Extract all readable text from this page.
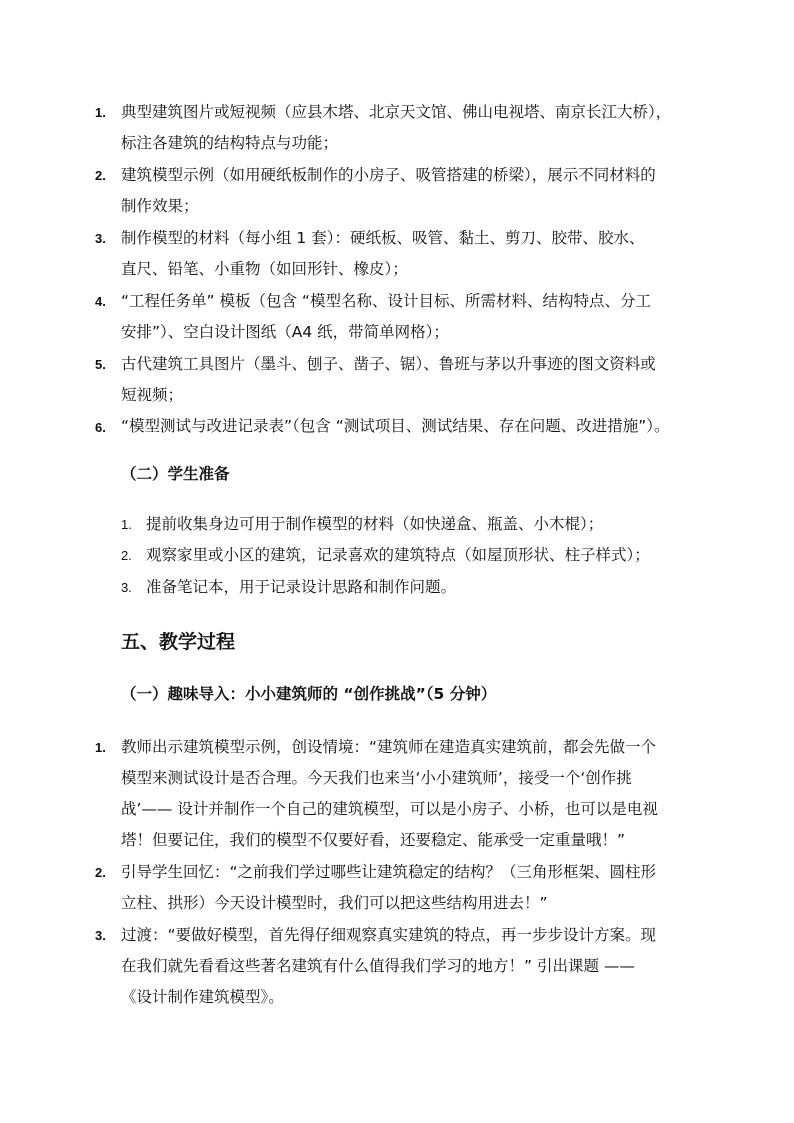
1. 典型建筑图片或短视频（应县木塔、北京天文馆、佛山电视塔、南京长江大桥），
标注各建筑的结构特点与功能；
2. 建筑模型示例（如用硬纸板制作的小房子、吸管搭建的桥梁），展示不同材料的
制作效果；
3. 制作模型的材料（每小组 1 套）：硬纸板、吸管、黏土、剪刀、胶带、胶水、
直尺、铅笔、小重物（如回形针、橡皮）；
4. “工程任务单” 模板（包含 “模型名称、设计目标、所需材料、结构特点、分工
安排”）、空白设计图纸（A4 纸，带简单网格）；
5. 古代建筑工具图片（墨斗、刨子、凿子、锯）、鲁班与茅以升事迹的图文资料或
短视频；
6. “模型测试与改进记录表”（包含 “测试项目、测试结果、存在问题、改进措施”）。
（二）学生准备
1. 提前收集身边可用于制作模型的材料（如快递盒、瓶盖、小木棍）；
2. 观察家里或小区的建筑，记录喜欢的建筑特点（如屋顶形状、柱子样式）；
3. 准备笔记本，用于记录设计思路和制作问题。
五、教学过程
（一）趣味导入：小小建筑师的 “创作挑战”（5 分钟）
1. 教师出示建筑模型示例，创设情境：“建筑师在建造真实建筑前，都会先做一个
模型来测试设计是否合理。今天我们也来当‘小小建筑师’，接受一个‘创作挑
战’—— 设计并制作一个自己的建筑模型，可以是小房子、小桥，也可以是电视
塔！但要记住，我们的模型不仅要好看，还要稳定、能承受一定重量哦！”
2. 引导学生回忆：“之前我们学过哪些让建筑稳定的结构？（三角形框架、圆柱形
立柱、拱形）今天设计模型时，我们可以把这些结构用进去！”
3. 过渡：“要做好模型，首先得仔细观察真实建筑的特点，再一步步设计方案。现
在我们就先看看这些著名建筑有什么值得我们学习的地方！” 引出课题 ——
《设计制作建筑模型》。
